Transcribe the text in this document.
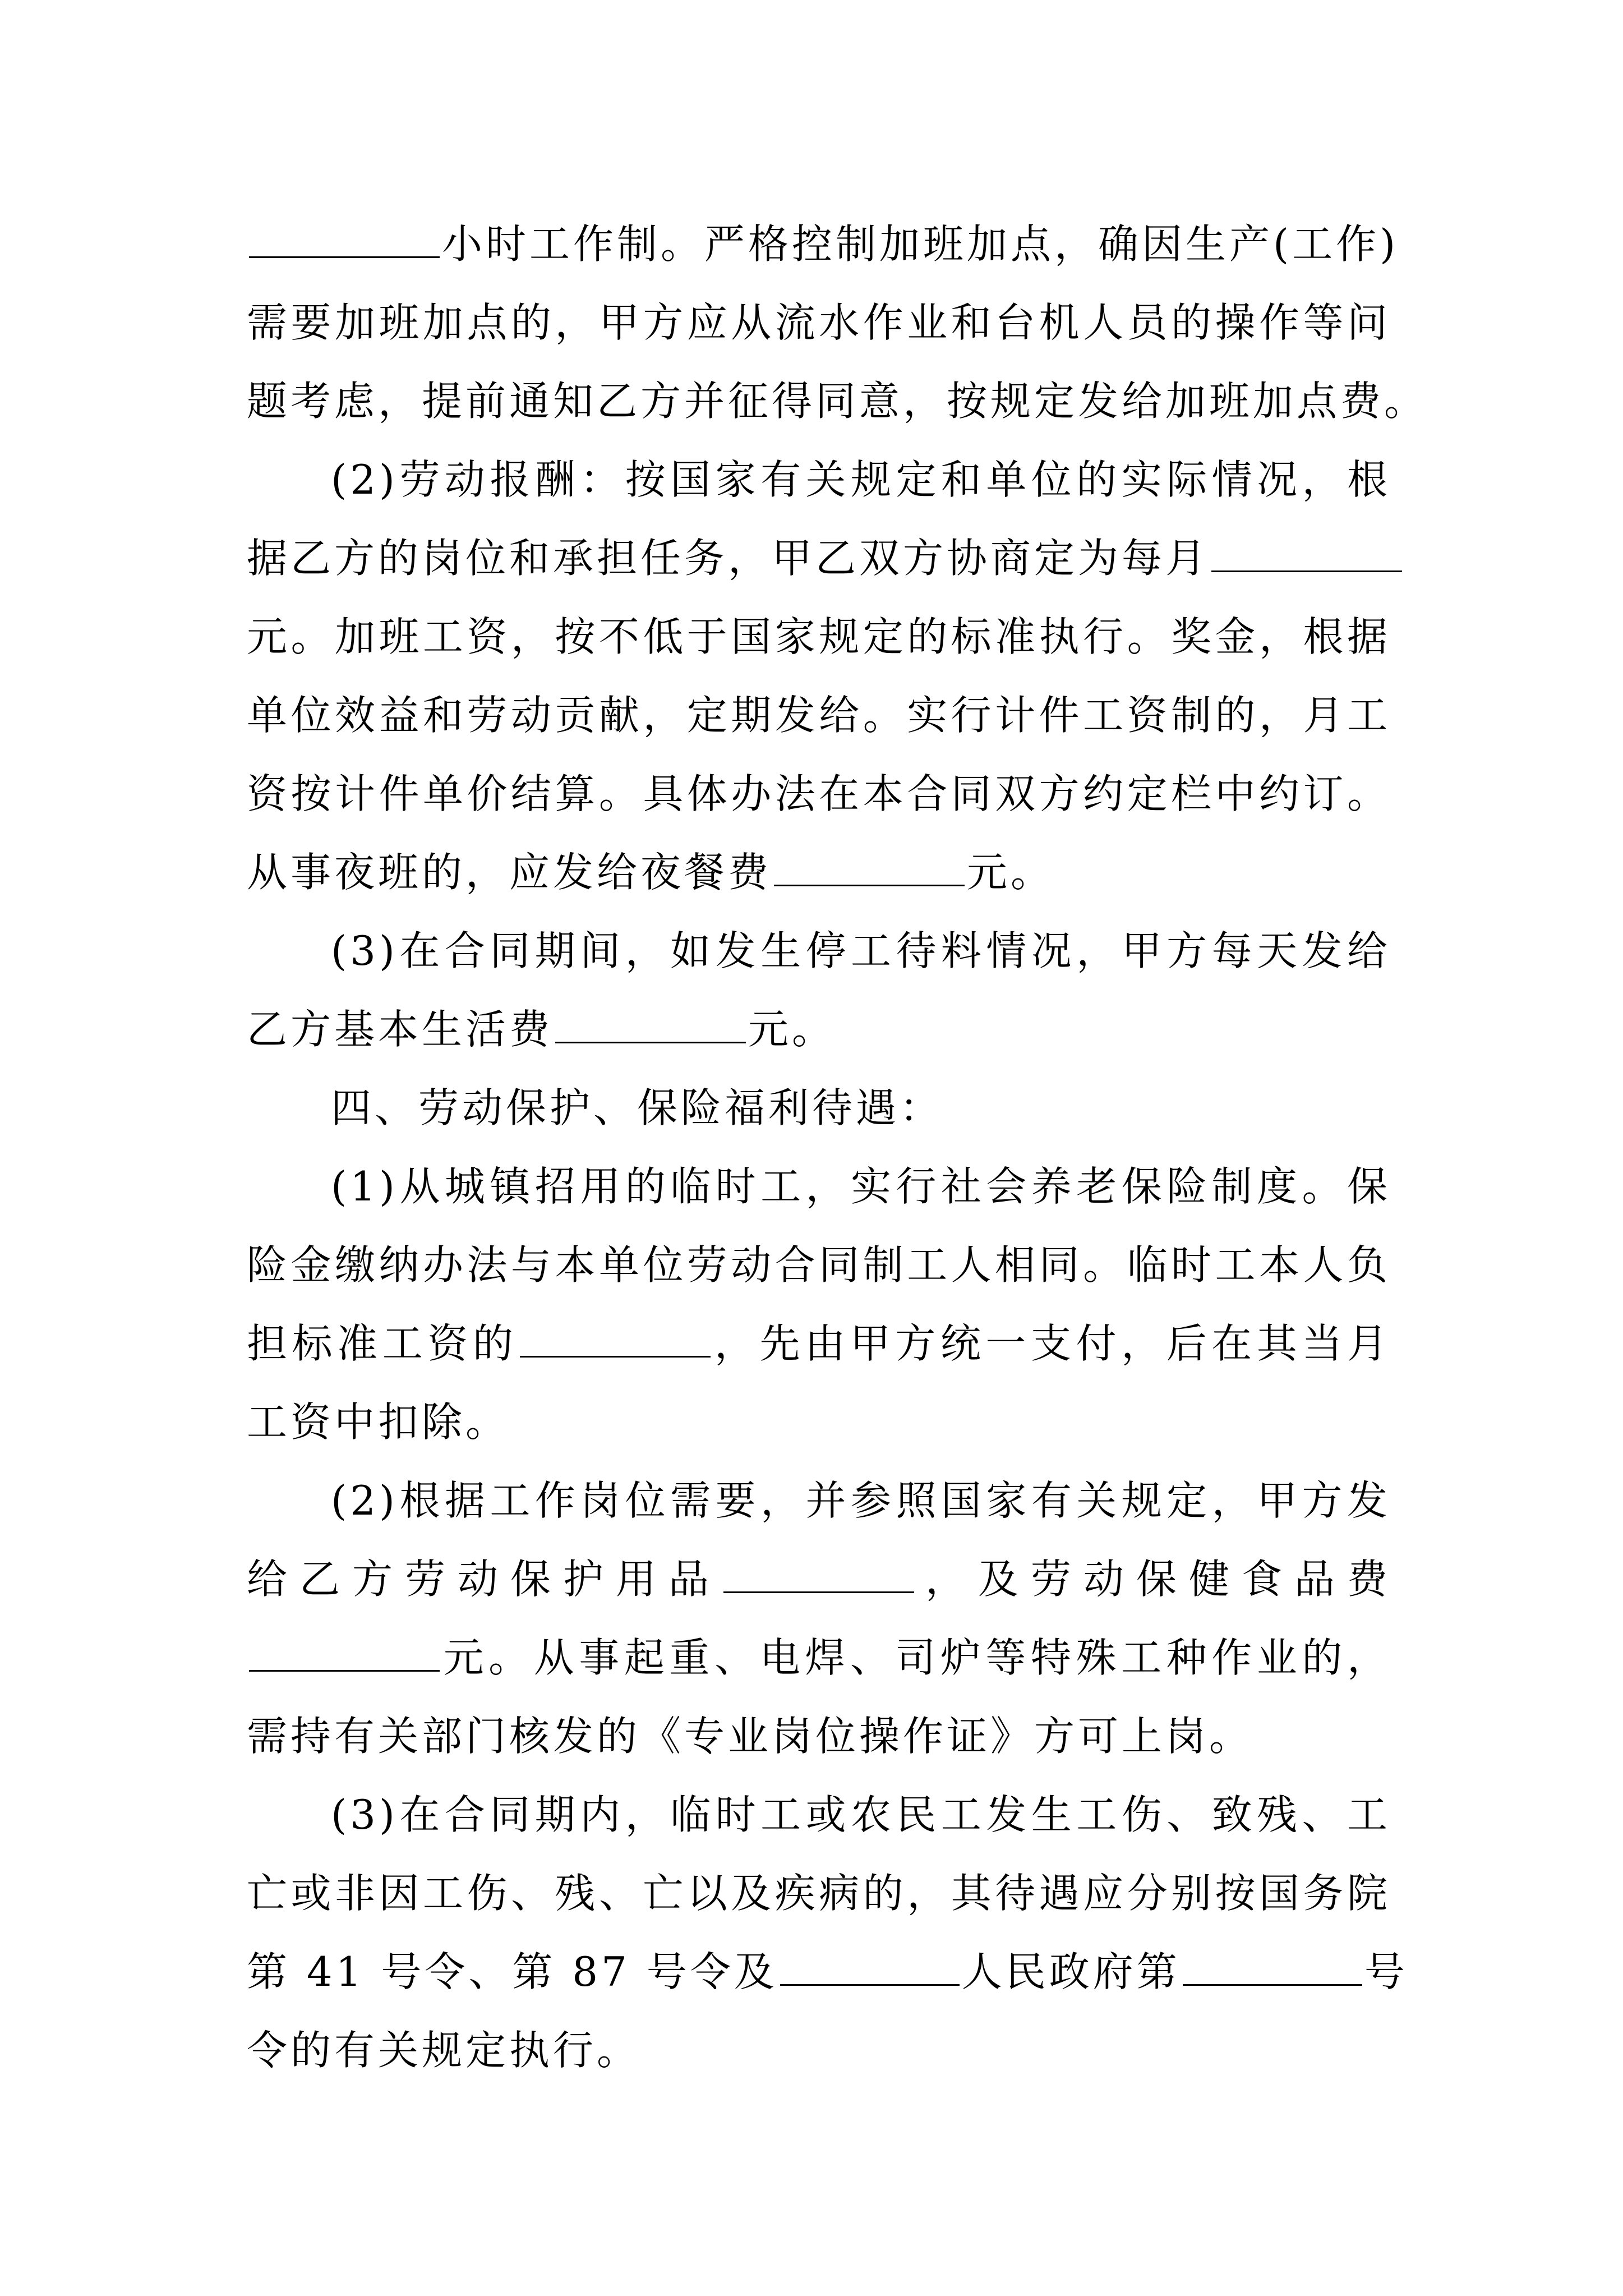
小时工作制。严格控制加班加点，确因生产(工作)

需要加班加点的，甲方应从流水作业和台机人员的操作等问

题考虑，提前通知乙方并征得同意，按规定发给加班加点费。

(2)劳动报酬：按国家有关规定和单位的实际情况，根

据乙方的岗位和承担任务，甲乙双方协商定为每月

元。加班工资，按不低于国家规定的标准执行。奖金，根据

单位效益和劳动贡献，定期发给。实行计件工资制的，月工

资按计件单价结算。具体办法在本合同双方约定栏中约订。

从事夜班的，应发给夜餐费	元。

(3)在合同期间，如发生停工待料情况，甲方每天发给

乙方基本生活费	元。

四、劳动保护、保险福利待遇：

(1)从城镇招用的临时工，实行社会养老保险制度。保

险金缴纳办法与本单位劳动合同制工人相同。临时工本人负

担标准工资的	，先由甲方统一支付，后在其当月

工资中扣除。

(2)根据工作岗位需要，并参照国家有关规定，甲方发

给乙方劳动保护用品	，及劳动保健食品费

元。从事起重、电焊、司炉等特殊工种作业的，

需持有关部门核发的《专业岗位操作证》方可上岗。

(3)在合同期内，临时工或农民工发生工伤、致残、工

亡或非因工伤、残、亡以及疾病的，其待遇应分别按国务院

第 41 号令、第 87 号令及	人民政府第	号

令的有关规定执行。
